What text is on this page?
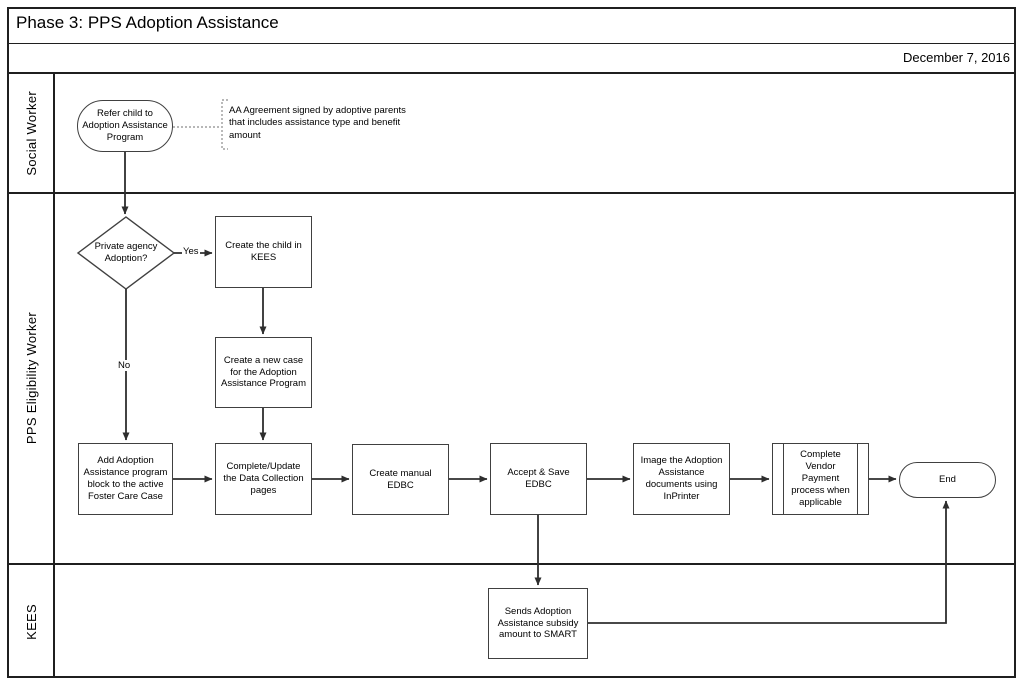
Phase 3: PPS Adoption Assistance
December 7, 2016
Social Worker
PPS Eligibility Worker
KEES
Refer child to Adoption Assistance Program
AA Agreement signed by adoptive parents that includes assistance type and benefit amount
Private agency Adoption?
Yes
No
Create the child in KEES
Create a new case for the Adoption Assistance Program
Add Adoption Assistance program block to the active Foster Care Case
Complete/Update the Data Collection pages
Create manual EDBC
Accept & Save EDBC
Image the Adoption Assistance documents using InPrinter
Complete Vendor Payment process when applicable
End
Sends Adoption Assistance subsidy amount to SMART
